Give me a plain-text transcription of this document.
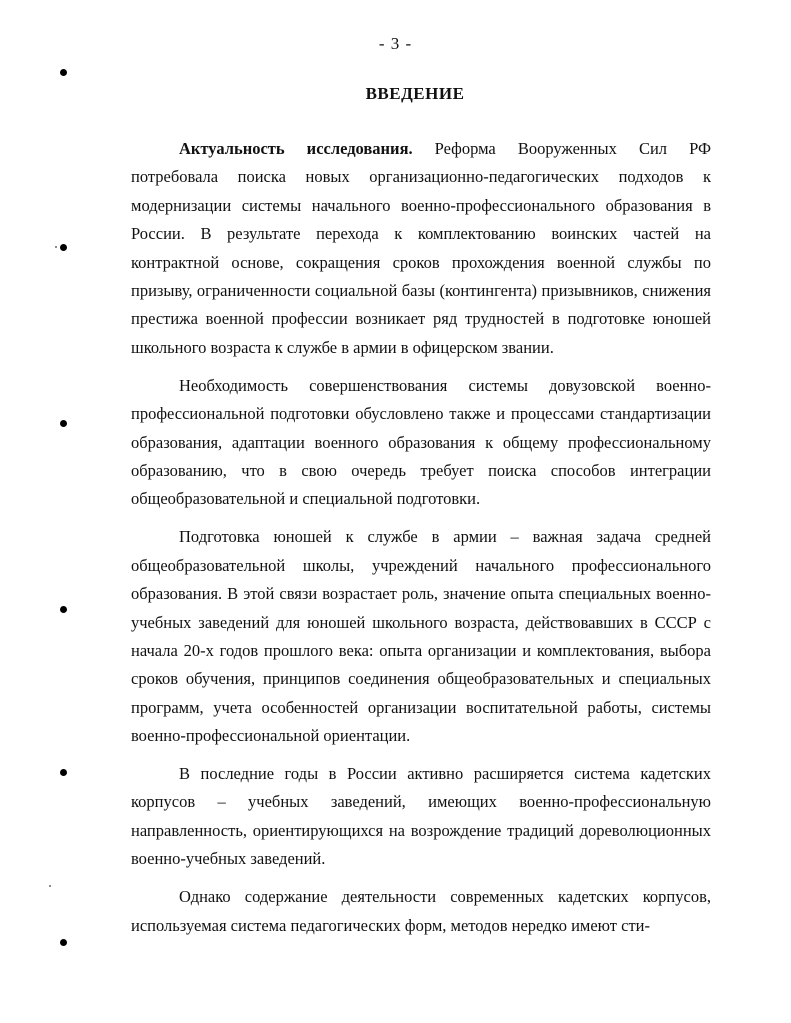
- 3 -
ВВЕДЕНИЕ
Актуальность исследования. Реформа Вооруженных Сил РФ потребовала поиска новых организационно-педагогических подходов к модернизации системы начального военно-профессионального образования в России. В результате перехода к комплектованию воинских частей на контрактной основе, сокращения сроков прохождения военной службы по призыву, ограниченности социальной базы (контингента) призывников, снижения престижа военной профессии возникает ряд трудностей в подготовке юношей школьного возраста к службе в армии в офицерском звании.
Необходимость совершенствования системы довузовской военно-профессиональной подготовки обусловлено также и процессами стандартизации образования, адаптации военного образования к общему профессиональному образованию, что в свою очередь требует поиска способов интеграции общеобразовательной и специальной подготовки.
Подготовка юношей к службе в армии – важная задача средней общеобразовательной школы, учреждений начального профессионального образования. В этой связи возрастает роль, значение опыта специальных военно-учебных заведений для юношей школьного возраста, действовавших в СССР с начала 20-х годов прошлого века: опыта организации и комплектования, выбора сроков обучения, принципов соединения общеобразовательных и специальных программ, учета особенностей организации воспитательной работы, системы военно-профессиональной ориентации.
В последние годы в России активно расширяется система кадетских корпусов – учебных заведений, имеющих военно-профессиональную направленность, ориентирующихся на возрождение традиций дореволюционных военно-учебных заведений.
Однако содержание деятельности современных кадетских корпусов, используемая система педагогических форм, методов нередко имеют сти-
